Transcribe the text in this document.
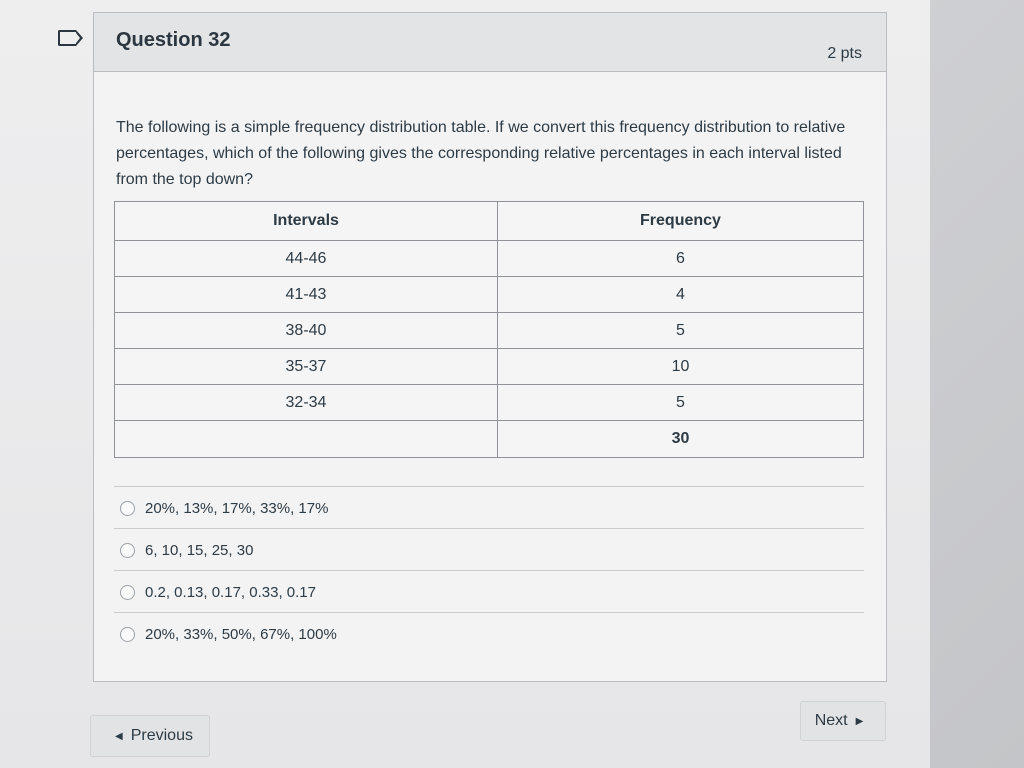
Question 32
2 pts
The following is a simple frequency distribution table. If we convert this frequency distribution to relative percentages, which of the following gives the corresponding relative percentages in each interval listed from the top down?
Intervals	Frequency
44-46	6
41-43	4
38-40	5
35-37	10
32-34	5
	30
20%, 13%, 17%, 33%, 17%
6, 10, 15, 25, 30
0.2, 0.13, 0.17, 0.33, 0.17
20%, 33%, 50%, 67%, 100%
◀ Previous
Next ▶
